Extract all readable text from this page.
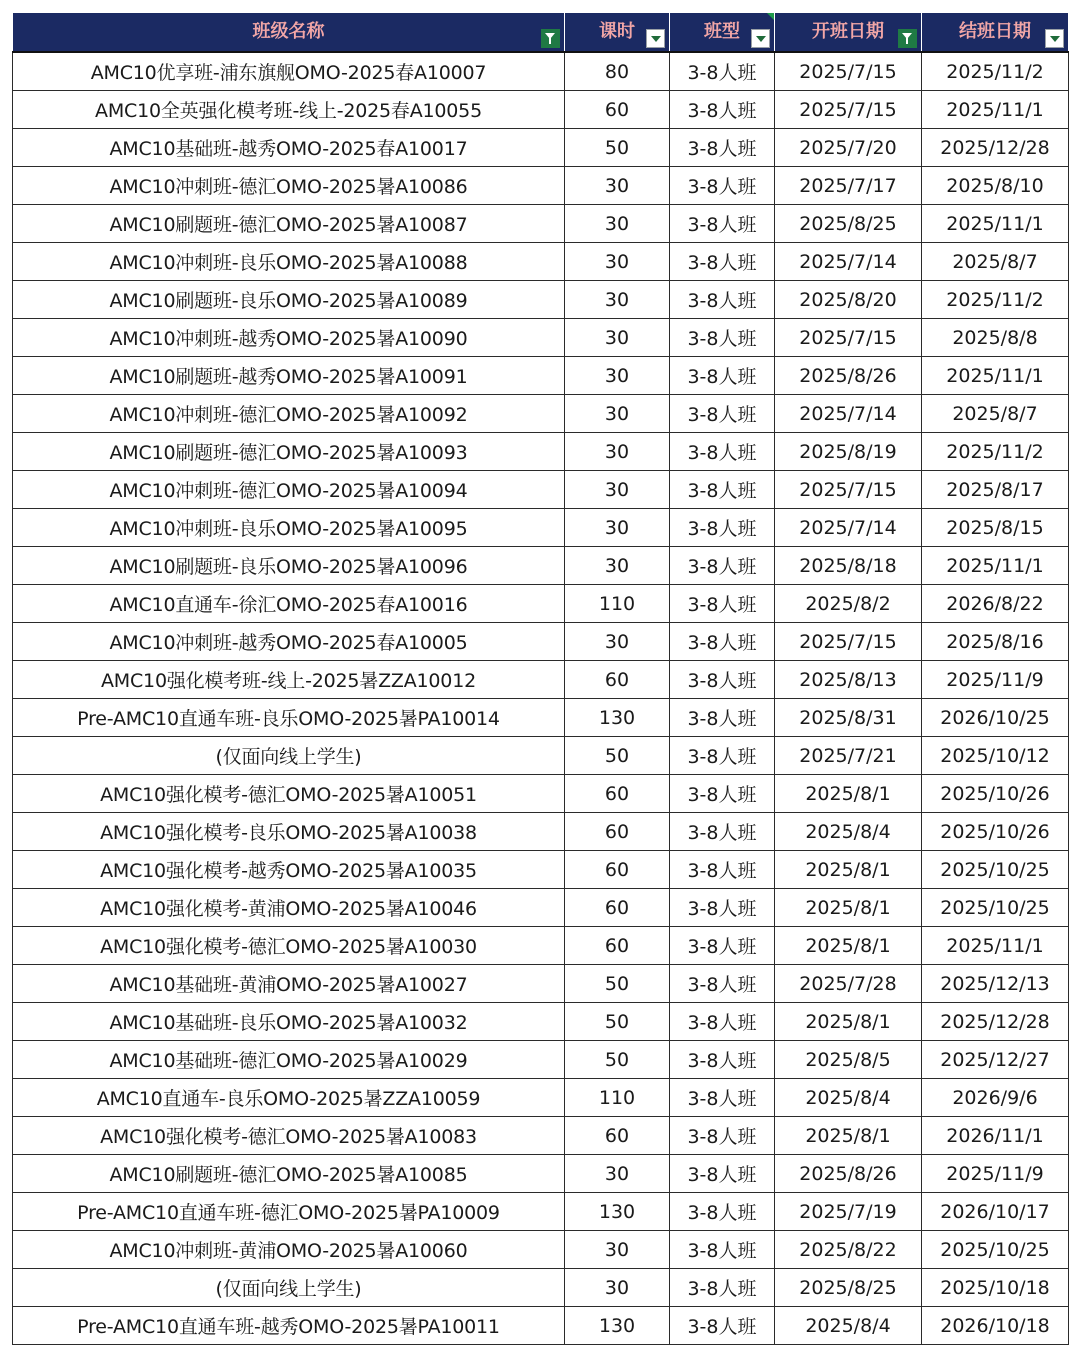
班级名称	课时	班型	开班日期	结班日期

AMC10优享班-浦东旗舰OMO-2025春A10007	80	3-8人班	2025/7/15	2025/11/2
AMC10全英强化模考班-线上-2025春A10055	60	3-8人班	2025/7/15	2025/11/1
AMC10基础班-越秀OMO-2025春A10017	50	3-8人班	2025/7/20	2025/12/28
AMC10冲刺班-德汇OMO-2025暑A10086	30	3-8人班	2025/7/17	2025/8/10
AMC10刷题班-德汇OMO-2025暑A10087	30	3-8人班	2025/8/25	2025/11/1
AMC10冲刺班-良乐OMO-2025暑A10088	30	3-8人班	2025/7/14	2025/8/7
AMC10刷题班-良乐OMO-2025暑A10089	30	3-8人班	2025/8/20	2025/11/2
AMC10冲刺班-越秀OMO-2025暑A10090	30	3-8人班	2025/7/15	2025/8/8
AMC10刷题班-越秀OMO-2025暑A10091	30	3-8人班	2025/8/26	2025/11/1
AMC10冲刺班-德汇OMO-2025暑A10092	30	3-8人班	2025/7/14	2025/8/7
AMC10刷题班-德汇OMO-2025暑A10093	30	3-8人班	2025/8/19	2025/11/2
AMC10冲刺班-德汇OMO-2025暑A10094	30	3-8人班	2025/7/15	2025/8/17
AMC10冲刺班-良乐OMO-2025暑A10095	30	3-8人班	2025/7/14	2025/8/15
AMC10刷题班-良乐OMO-2025暑A10096	30	3-8人班	2025/8/18	2025/11/1
AMC10直通车-徐汇OMO-2025春A10016	110	3-8人班	2025/8/2	2026/8/22
AMC10冲刺班-越秀OMO-2025春A10005	30	3-8人班	2025/7/15	2025/8/16
AMC10强化模考班-线上-2025暑ZZA10012	60	3-8人班	2025/8/13	2025/11/9
Pre-AMC10直通车班-良乐OMO-2025暑PA10014	130	3-8人班	2025/8/31	2026/10/25
(仅面向线上学生)	50	3-8人班	2025/7/21	2025/10/12
AMC10强化模考-德汇OMO-2025暑A10051	60	3-8人班	2025/8/1	2025/10/26
AMC10强化模考-良乐OMO-2025暑A10038	60	3-8人班	2025/8/4	2025/10/26
AMC10强化模考-越秀OMO-2025暑A10035	60	3-8人班	2025/8/1	2025/10/25
AMC10强化模考-黄浦OMO-2025暑A10046	60	3-8人班	2025/8/1	2025/10/25
AMC10强化模考-德汇OMO-2025暑A10030	60	3-8人班	2025/8/1	2025/11/1
AMC10基础班-黄浦OMO-2025暑A10027	50	3-8人班	2025/7/28	2025/12/13
AMC10基础班-良乐OMO-2025暑A10032	50	3-8人班	2025/8/1	2025/12/28
AMC10基础班-德汇OMO-2025暑A10029	50	3-8人班	2025/8/5	2025/12/27
AMC10直通车-良乐OMO-2025暑ZZA10059	110	3-8人班	2025/8/4	2026/9/6
AMC10强化模考-德汇OMO-2025暑A10083	60	3-8人班	2025/8/1	2026/11/1
AMC10刷题班-德汇OMO-2025暑A10085	30	3-8人班	2025/8/26	2025/11/9
Pre-AMC10直通车班-德汇OMO-2025暑PA10009	130	3-8人班	2025/7/19	2026/10/17
AMC10冲刺班-黄浦OMO-2025暑A10060	30	3-8人班	2025/8/22	2025/10/25
(仅面向线上学生)	30	3-8人班	2025/8/25	2025/10/18
Pre-AMC10直通车班-越秀OMO-2025暑PA10011	130	3-8人班	2025/8/4	2026/10/18
